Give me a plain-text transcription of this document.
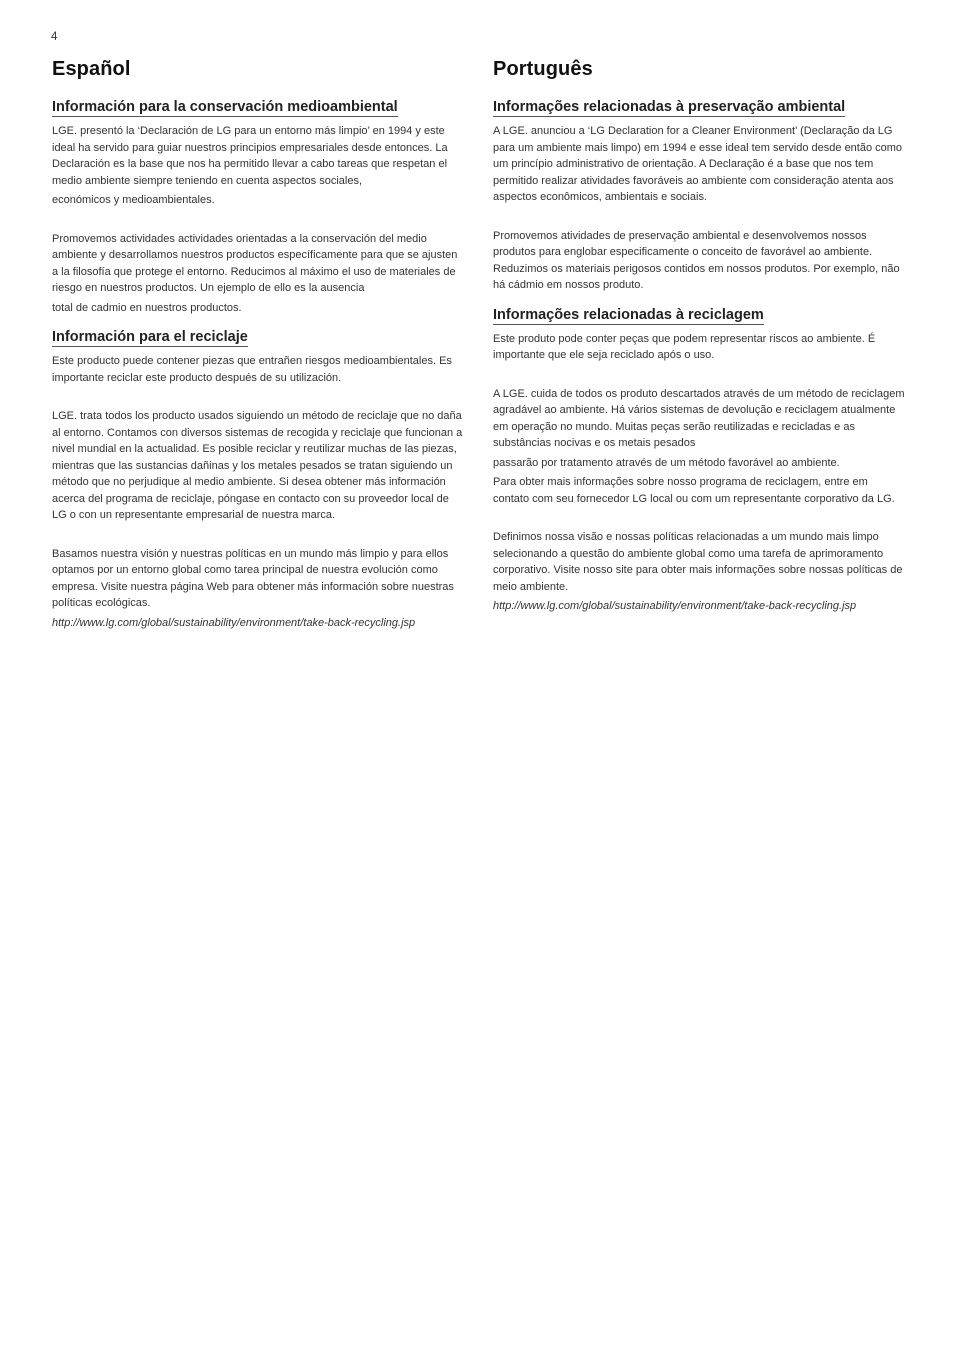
4
Español
Información para la conservación medioambiental

LGE. presentó la ‘Declaración de LG para un entorno más limpio’ en 1994 y este ideal ha servido para guiar nuestros principios empresariales desde entonces. La Declaración es la base que nos ha permitido llevar a cabo tareas que respetan el medio ambiente siempre teniendo en cuenta aspectos sociales,

económicos y medioambientales.

Promovemos actividades actividades orientadas a la conservación del medio ambiente y desarrollamos nuestros productos específicamente para que se ajusten a la filosofía que protege el entorno. Reducimos al máximo el uso de materiales de riesgo en nuestros productos. Un ejemplo de ello es la ausencia

total de cadmio en nuestros productos.

Información para el reciclaje

Este producto puede contener piezas que entrañen riesgos medioambientales. Es importante reciclar este producto después de su utilización.

LGE. trata todos los producto usados siguiendo un método de reciclaje que no daña al entorno. Contamos con diversos sistemas de recogida y reciclaje que funcionan a nivel mundial en la actualidad. Es posible reciclar y reutilizar muchas de las piezas, mientras que las sustancias dañinas y los metales pesados se tratan siguiendo un método que no perjudique al medio ambiente. Si desea obtener más información acerca del programa de reciclaje, póngase en contacto con su proveedor local de LG o con un representante empresarial de nuestra marca.

Basamos nuestra visión y nuestras políticas en un mundo más limpio y para ellos optamos por un entorno global como tarea principal de nuestra evolución como empresa. Visite nuestra página Web para obtener más información sobre nuestras políticas ecológicas.

http://www.lg.com/global/sustainability/environment/take-back-recycling.jsp
Português
Informações relacionadas à preservação ambiental

A LGE. anunciou a ‘LG Declaration for a Cleaner Environment’ (Declaração da LG para um ambiente mais limpo) em 1994 e esse ideal tem servido desde então como um princípio administrativo de orientação. A Declaração é a base que nos tem permitido realizar atividades favoráveis ao ambiente com consideração atenta aos aspectos econômicos, ambientais e sociais.

Promovemos atividades de preservação ambiental e desenvolvemos nossos produtos para englobar especificamente o conceito de favorável ao ambiente. Reduzimos os materiais perigosos contidos em nossos produtos. Por exemplo, não há cádmio em nossos produto.

Informações relacionadas à reciclagem

Este produto pode conter peças que podem representar riscos ao ambiente. É importante que ele seja reciclado após o uso.

A LGE. cuida de todos os produto descartados através de um método de reciclagem agradável ao ambiente. Há vários sistemas de devolução e reciclagem atualmente em operação no mundo. Muitas peças serão reutilizadas e recicladas e as substâncias nocivas e os metais pesados

passarão por tratamento através de um método favorável ao ambiente.

Para obter mais informações sobre nosso programa de reciclagem, entre em contato com seu fornecedor LG local ou com um representante corporativo da LG.

Definimos nossa visão e nossas políticas relacionadas a um mundo mais limpo selecionando a questão do ambiente global como uma tarefa de aprimoramento corporativo. Visite nosso site para obter mais informações sobre nossas políticas de meio ambiente.

http://www.lg.com/global/sustainability/environment/take-back-recycling.jsp
